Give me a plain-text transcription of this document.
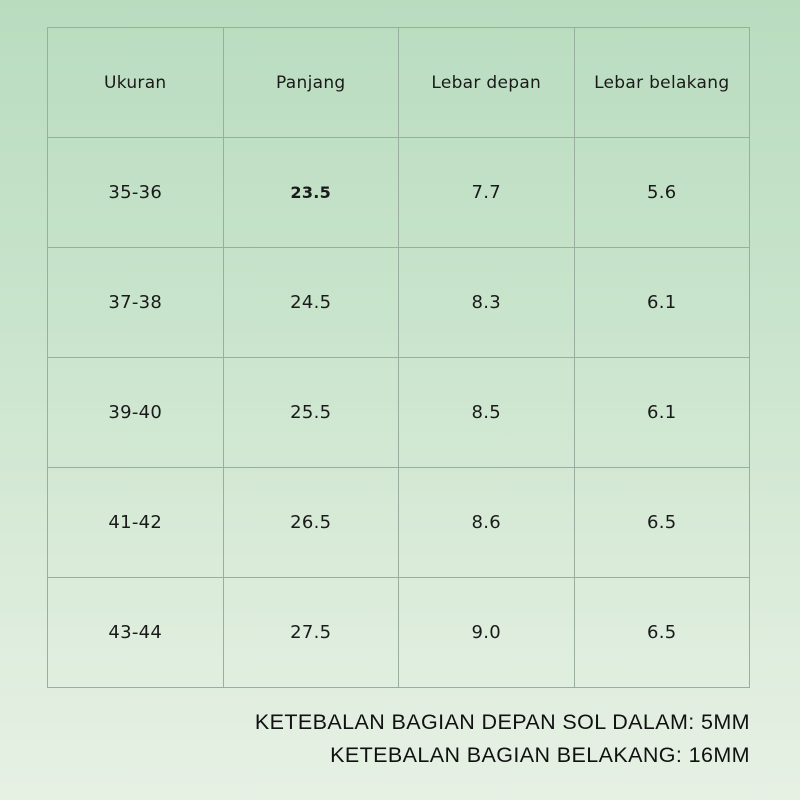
Ukuran	Panjang	Lebar depan	Lebar belakang
35-36	23.5	7.7	5.6
37-38	24.5	8.3	6.1
39-40	25.5	8.5	6.1
41-42	26.5	8.6	6.5
43-44	27.5	9.0	6.5
KETEBALAN BAGIAN DEPAN SOL DALAM: 5MM
KETEBALAN BAGIAN BELAKANG: 16MM
